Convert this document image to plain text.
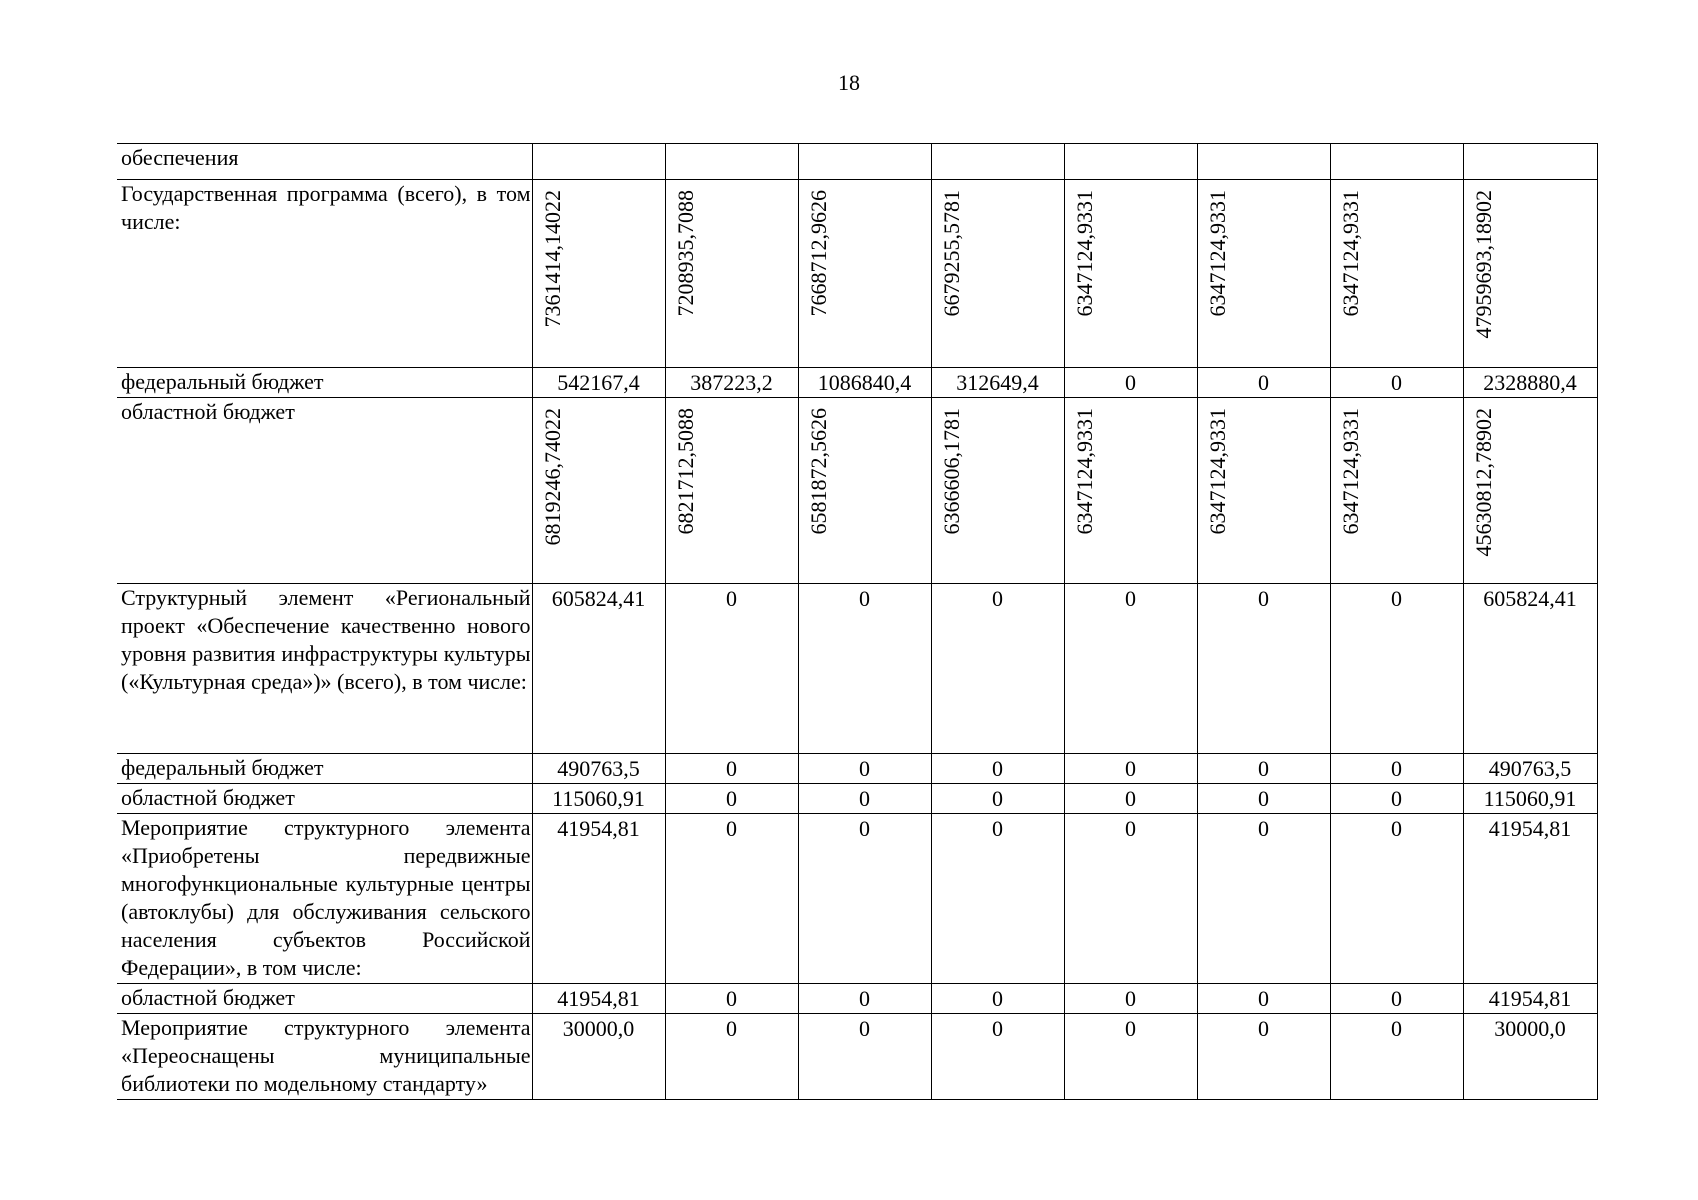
18
обеспечения								
Государственная программа (всего), в том числе:	7361414,14022	7208935,7088	7668712,9626	6679255,5781	6347124,9331	6347124,9331	6347124,9331	47959693,18902
федеральный бюджет	542167,4	387223,2	1086840,4	312649,4	0	0	0	2328880,4
областной бюджет	6819246,74022	6821712,5088	6581872,5626	6366606,1781	6347124,9331	6347124,9331	6347124,9331	45630812,78902
Структурный элемент «Региональный проект «Обеспечение качественно нового уровня развития инфраструктуры культуры («Культурная среда»)» (всего), в том числе:	605824,41	0	0	0	0	0	0	605824,41
федеральный бюджет	490763,5	0	0	0	0	0	0	490763,5
областной бюджет	115060,91	0	0	0	0	0	0	115060,91
Мероприятие структурного элемента «Приобретены передвижные многофункциональные культурные центры (автоклубы) для обслуживания сельского населения субъектов Российской Федерации», в том числе:	41954,81	0	0	0	0	0	0	41954,81
областной бюджет	41954,81	0	0	0	0	0	0	41954,81
Мероприятие структурного элемента «Переоснащены муниципальные библиотеки по модельному стандарту»	30000,0	0	0	0	0	0	0	30000,0
